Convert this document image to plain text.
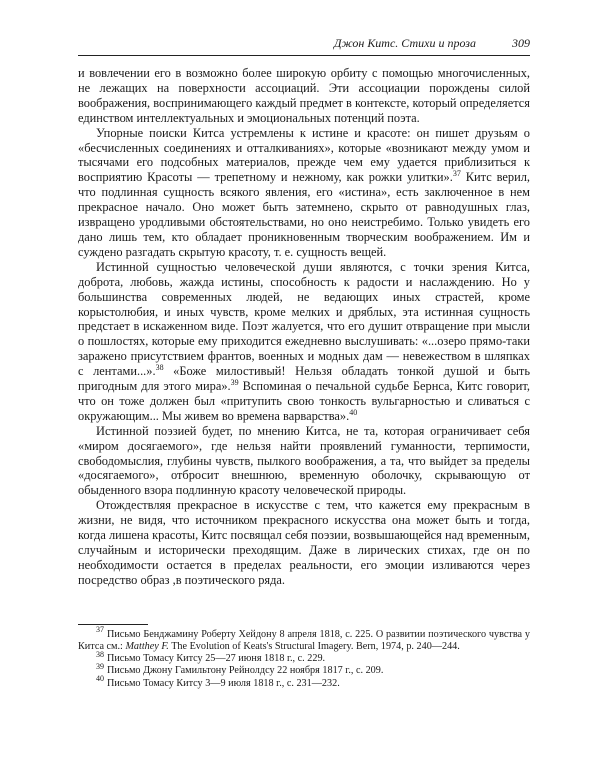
Джон Китс. Стихи и проза	309

и вовлечении его в возможно более широкую орбиту с помощью многочисленных, не лежащих на поверхности ассоциаций. Эти ассоциации порождены силой воображения, воспринимающего каждый предмет в контексте, который определяется единством интеллектуальных и эмоциональных потенций поэта.

Упорные поиски Китса устремлены к истине и красоте: он пишет друзьям о «бесчисленных соединениях и отталкиваниях», которые «возникают между умом и тысячами его подсобных материалов, прежде чем ему удается приблизиться к восприятию Красоты — трепетному и нежному, как рожки улитки».$^{37}$ Китс верил, что подлинная сущность всякого явления, его «истина», есть заключенное в нем прекрасное начало. Оно может быть затемнено, скрыто от равнодушных глаз, извращено уродливыми обстоятельствами, но оно неистребимо. Только увидеть его дано лишь тем, кто обладает проникновенным творческим воображением. Им и суждено разгадать скрытую красоту, т. е. сущность вещей.

Истинной сущностью человеческой души являются, с точки зрения Китса, доброта, любовь, жажда истины, способность к радости и наслаждению. Но у большинства современных людей, не ведающих иных страстей, кроме корыстолюбия, и иных чувств, кроме мелких и дряблых, эта истинная сущность предстает в искаженном виде. Поэт жалуется, что его душит отвращение при мысли о пошлостях, которые ему приходится ежедневно выслушивать: «...озеро прямо-таки заражено присутствием франтов, военных и модных дам — невежеством в шляпках с лентами...».$^{38}$ «Боже милостивый! Нельзя обладать тонкой душой и быть пригодным для этого мира».$^{39}$ Вспоминая о печальной судьбе Бернса, Китс говорит, что он тоже должен был «притупить свою тонкость вульгарностью и сливаться с окружающим... Мы живем во времена варварства».$^{40}$

Истинной поэзией будет, по мнению Китса, не та, которая ограничивает себя «миром досягаемого», где нельзя найти проявлений гуманности, терпимости, свободомыслия, глубины чувств, пылкого воображения, а та, что выйдет за пределы «досягаемого», отбросит внешнюю, временную оболочку, скрывающую от обыденного взора подлинную красоту человеческой природы.

Отождествляя прекрасное в искусстве с тем, что кажется ему прекрасным в жизни, не видя, что источником прекрасного искусства она может быть и тогда, когда лишена красоты, Китс посвящал себя поэзии, возвышающейся над временным, случайным и исторически преходящим. Даже в лирических стихах, где он по необходимости остается в пределах реальности, его эмоции изливаются через посредство образ ,в поэтического ряда.

$^{37}$ Письмо Бенджамину Роберту Хейдону 8 апреля 1818, с. 225. О развитии поэтического чувства у Китса см.: Matthey F. The Evolution of Keats's Structural Imagery. Bern, 1974, p. 240—244.

$^{38}$ Письмо Томасу Китсу 25—27 июня 1818 г., с. 229.

$^{39}$ Письмо Джону Гамильтону Рейнолдсу 22 ноября 1817 г., с. 209.

$^{40}$ Письмо Томасу Китсу 3—9 июля 1818 г., с. 231—232.
